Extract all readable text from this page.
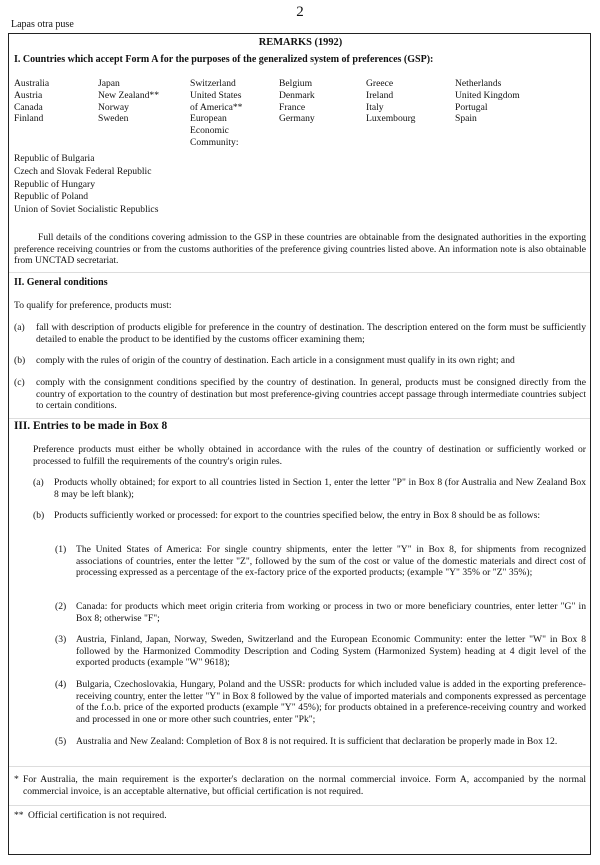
2
Lapas otra puse
REMARKS (1992)
I. Countries which accept Form A for the purposes of the generalized system of preferences (GSP):
Australia
Austria
Canada
Finland
Japan
New Zealand**
Norway
Sweden
Switzerland
United States
of America**
European
Economic
Community:
Belgium
Denmark
France
Germany
Greece
Ireland
Italy
Luxembourg
Netherlands
United Kingdom
Portugal
Spain
Republic of Bulgaria
Czech and Slovak Federal Republic
Republic of Hungary
Republic of Poland
Union of Soviet Socialistic Republics
Full details of the conditions covering admission to the GSP in these countries are obtainable from the designated authorities in the exporting preference receiving countries or from the customs authorities of the preference giving countries listed above. An information note is also obtainable from UNCTAD secretariat.
II. General conditions
To qualify for preference, products must:
(a) fall with description of products eligible for preference in the country of destination. The description entered on the form must be sufficiently detailed to enable the product to be identified by the customs officer examining them;
(b) comply with the rules of origin of the country of destination. Each article in a consignment must qualify in its own right; and
(c) comply with the consignment conditions specified by the country of destination. In general, products must be consigned directly from the country of exportation to the country of destination but most preference-giving countries accept passage through intermediate countries subject to certain conditions.
III. Entries to be made in Box 8
Preference products must either be wholly obtained in accordance with the rules of the country of destination or sufficiently worked or processed to fulfill the requirements of the country's origin rules.
(a) Products wholly obtained; for export to all countries listed in Section 1, enter the letter "P" in Box 8 (for Australia and New Zealand Box 8 may be left blank);
(b) Products sufficiently worked or processed: for export to the countries specified below, the entry in Box 8 should be as follows:
(1) The United States of America: For single country shipments, enter the letter "Y" in Box 8, for shipments from recognized associations of countries, enter the letter "Z", followed by the sum of the cost or value of the domestic materials and direct cost of processing expressed as a percentage of the ex-factory price of the exported products; (example "Y" 35% or "Z" 35%);
(2) Canada: for products which meet origin criteria from working or process in two or more beneficiary countries, enter letter "G" in Box 8; otherwise "F";
(3) Austria, Finland, Japan, Norway, Sweden, Switzerland and the European Economic Community: enter the letter "W" in Box 8 followed by the Harmonized Commodity Description and Coding System (Harmonized System) heading at 4 digit level of the exported products (example "W" 9618);
(4) Bulgaria, Czechoslovakia, Hungary, Poland and the USSR: products for which included value is added in the exporting preference-receiving country, enter the letter "Y" in Box 8 followed by the value of imported materials and components expressed as percentage of the f.o.b. price of the exported products (example "Y" 45%); for products obtained in a preference-receiving country and worked and processed in one or more other such countries, enter "Pk";
(5) Australia and New Zealand: Completion of Box 8 is not required. It is sufficient that declaration be properly made in Box 12.
* For Australia, the main requirement is the exporter's declaration on the normal commercial invoice. Form A, accompanied by the normal commercial invoice, is an acceptable alternative, but official certification is not required.
** Official certification is not required.
